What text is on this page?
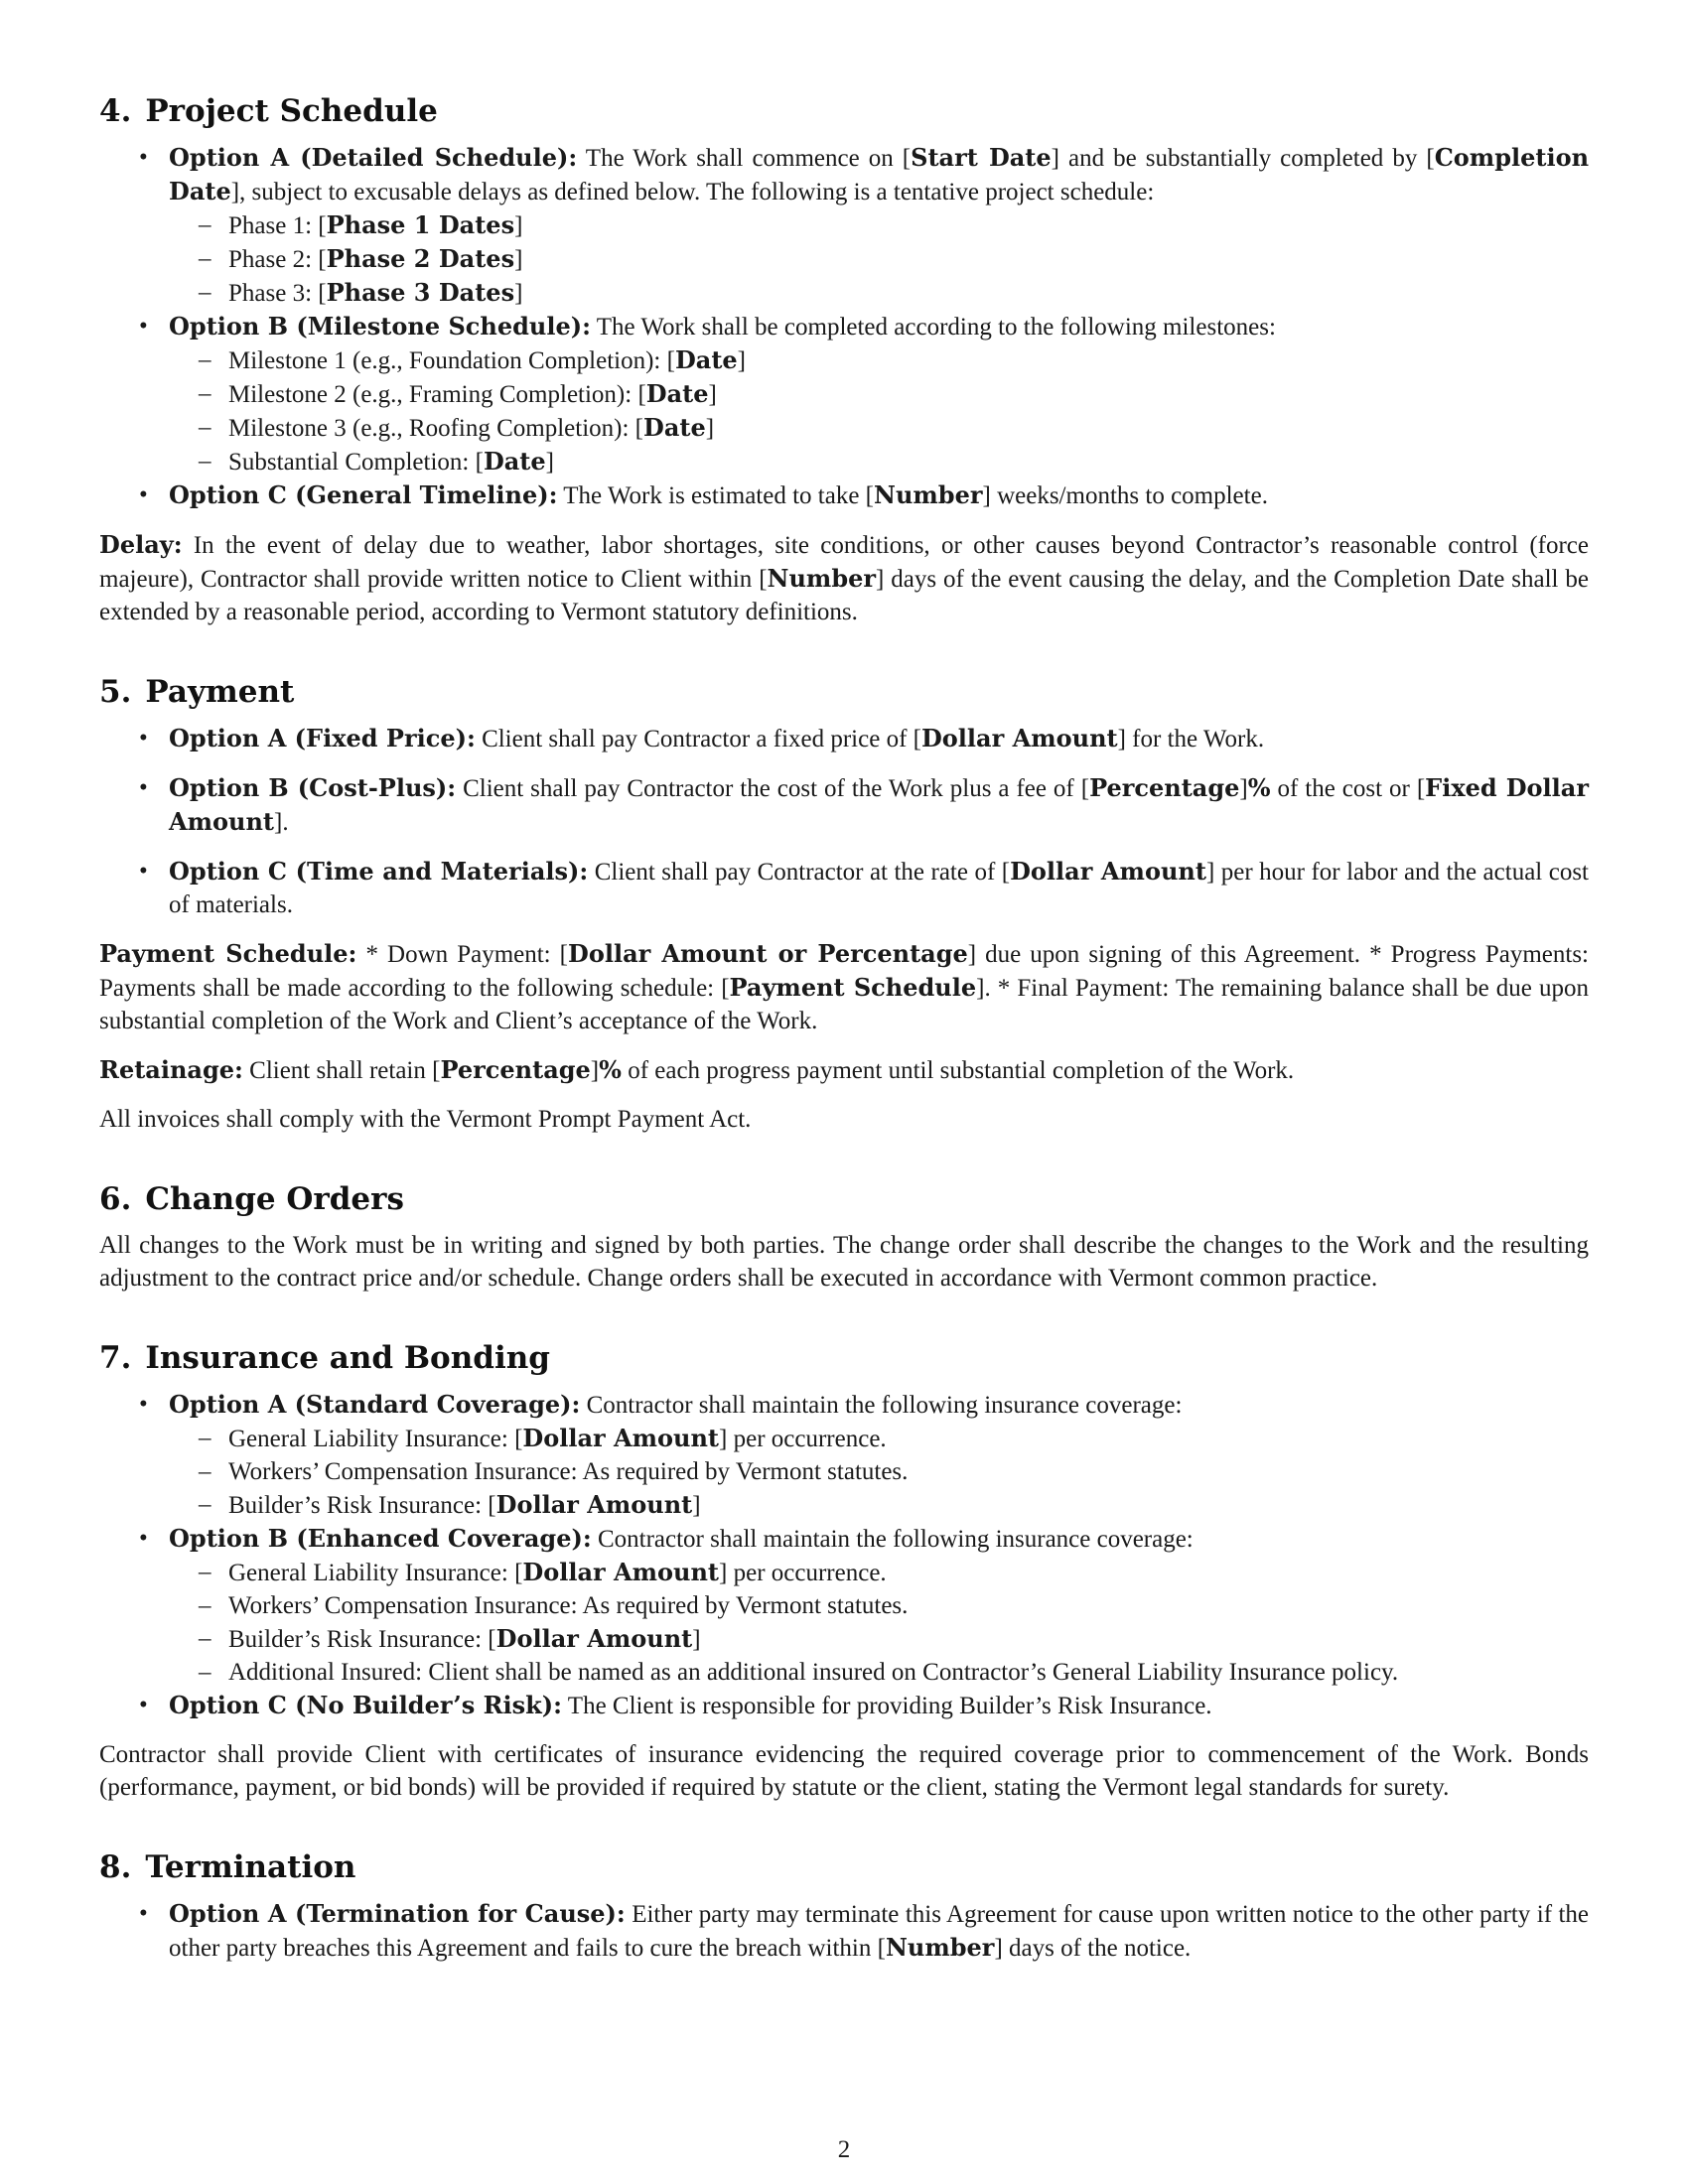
4. Project Schedule
• Option A (Detailed Schedule): The Work shall commence on [Start Date] and be substantially completed by [Completion Date], subject to excusable delays as defined below. The following is a tentative project schedule:
– Phase 1: [Phase 1 Dates]
– Phase 2: [Phase 2 Dates]
– Phase 3: [Phase 3 Dates]
• Option B (Milestone Schedule): The Work shall be completed according to the following milestones:
– Milestone 1 (e.g., Foundation Completion): [Date]
– Milestone 2 (e.g., Framing Completion): [Date]
– Milestone 3 (e.g., Roofing Completion): [Date]
– Substantial Completion: [Date]
• Option C (General Timeline): The Work is estimated to take [Number] weeks/months to complete.

Delay: In the event of delay due to weather, labor shortages, site conditions, or other causes beyond Contractor’s reasonable control (force majeure), Contractor shall provide written notice to Client within [Number] days of the event causing the delay, and the Completion Date shall be extended by a reasonable period, according to Vermont statutory definitions.

5. Payment
• Option A (Fixed Price): Client shall pay Contractor a fixed price of [Dollar Amount] for the Work.
• Option B (Cost-Plus): Client shall pay Contractor the cost of the Work plus a fee of [Percentage]% of the cost or [Fixed Dollar Amount].
• Option C (Time and Materials): Client shall pay Contractor at the rate of [Dollar Amount] per hour for labor and the actual cost of materials.

Payment Schedule: * Down Payment: [Dollar Amount or Percentage] due upon signing of this Agreement. * Progress Payments: Payments shall be made according to the following schedule: [Payment Schedule]. * Final Payment: The remaining balance shall be due upon substantial completion of the Work and Client’s acceptance of the Work.

Retainage: Client shall retain [Percentage]% of each progress payment until substantial completion of the Work.

All invoices shall comply with the Vermont Prompt Payment Act.

6. Change Orders

All changes to the Work must be in writing and signed by both parties. The change order shall describe the changes to the Work and the resulting adjustment to the contract price and/or schedule. Change orders shall be executed in accordance with Vermont common practice.

7. Insurance and Bonding
• Option A (Standard Coverage): Contractor shall maintain the following insurance coverage:
– General Liability Insurance: [Dollar Amount] per occurrence.
– Workers’ Compensation Insurance: As required by Vermont statutes.
– Builder’s Risk Insurance: [Dollar Amount]
• Option B (Enhanced Coverage): Contractor shall maintain the following insurance coverage:
– General Liability Insurance: [Dollar Amount] per occurrence.
– Workers’ Compensation Insurance: As required by Vermont statutes.
– Builder’s Risk Insurance: [Dollar Amount]
– Additional Insured: Client shall be named as an additional insured on Contractor’s General Liability Insurance policy.
• Option C (No Builder’s Risk): The Client is responsible for providing Builder’s Risk Insurance.

Contractor shall provide Client with certificates of insurance evidencing the required coverage prior to commencement of the Work. Bonds (performance, payment, or bid bonds) will be provided if required by statute or the client, stating the Vermont legal standards for surety.

8. Termination
• Option A (Termination for Cause): Either party may terminate this Agreement for cause upon written notice to the other party if the other party breaches this Agreement and fails to cure the breach within [Number] days of the notice.
2
